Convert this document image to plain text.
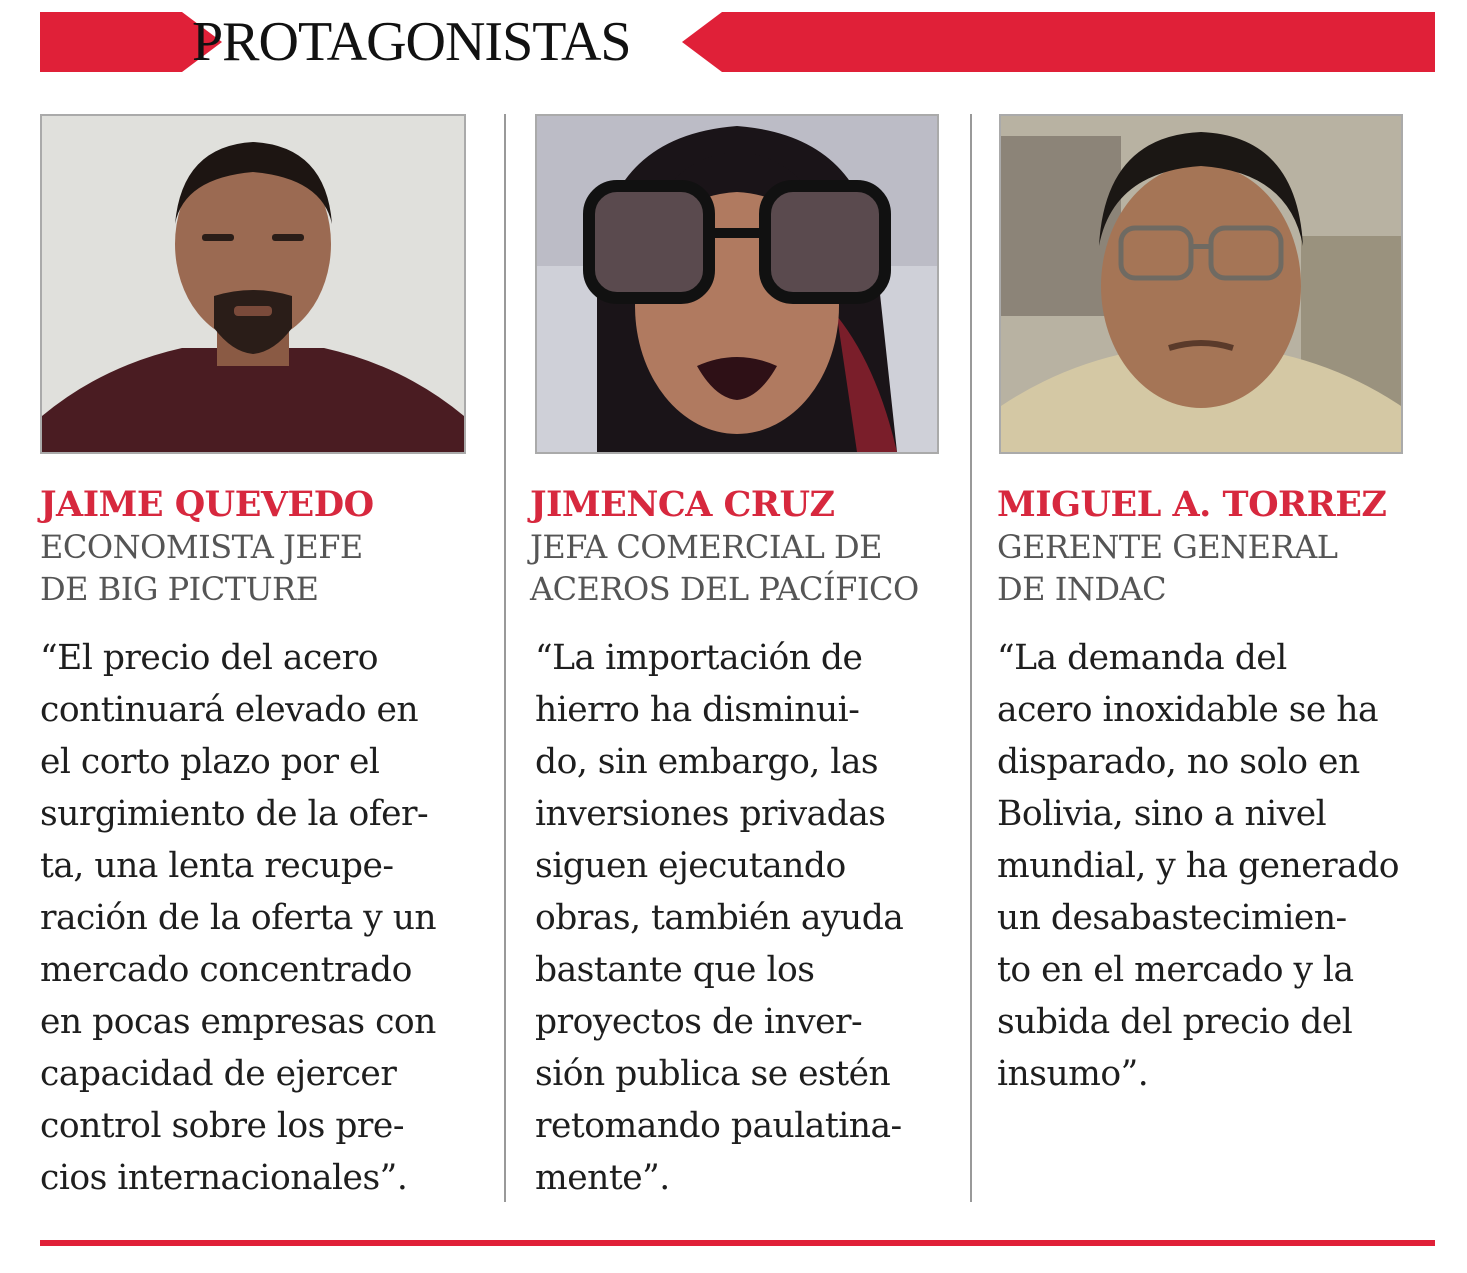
PROTAGONISTAS
JAIME QUEVEDO
ECONOMISTA JEFE
DE BIG PICTURE
“El precio del acero
continuará elevado en
el corto plazo por el
surgimiento de la ofer-
ta, una lenta recupe-
ración de la oferta y un
mercado concentrado
en pocas empresas con
capacidad de ejercer
control sobre los pre-
cios internacionales”.
JIMENCA CRUZ
JEFA COMERCIAL DE
ACEROS DEL PACÍFICO
“La importación de
hierro ha disminui-
do, sin embargo, las
inversiones privadas
siguen ejecutando
obras, también ayuda
bastante que los
proyectos de inver-
sión publica se estén
retomando paulatina-
mente”.
MIGUEL A. TORREZ
GERENTE GENERAL
DE INDAC
“La demanda del
acero inoxidable se ha
disparado, no solo en
Bolivia, sino a nivel
mundial, y ha generado
un desabastecimien-
to en el mercado y la
subida del precio del
insumo”.
